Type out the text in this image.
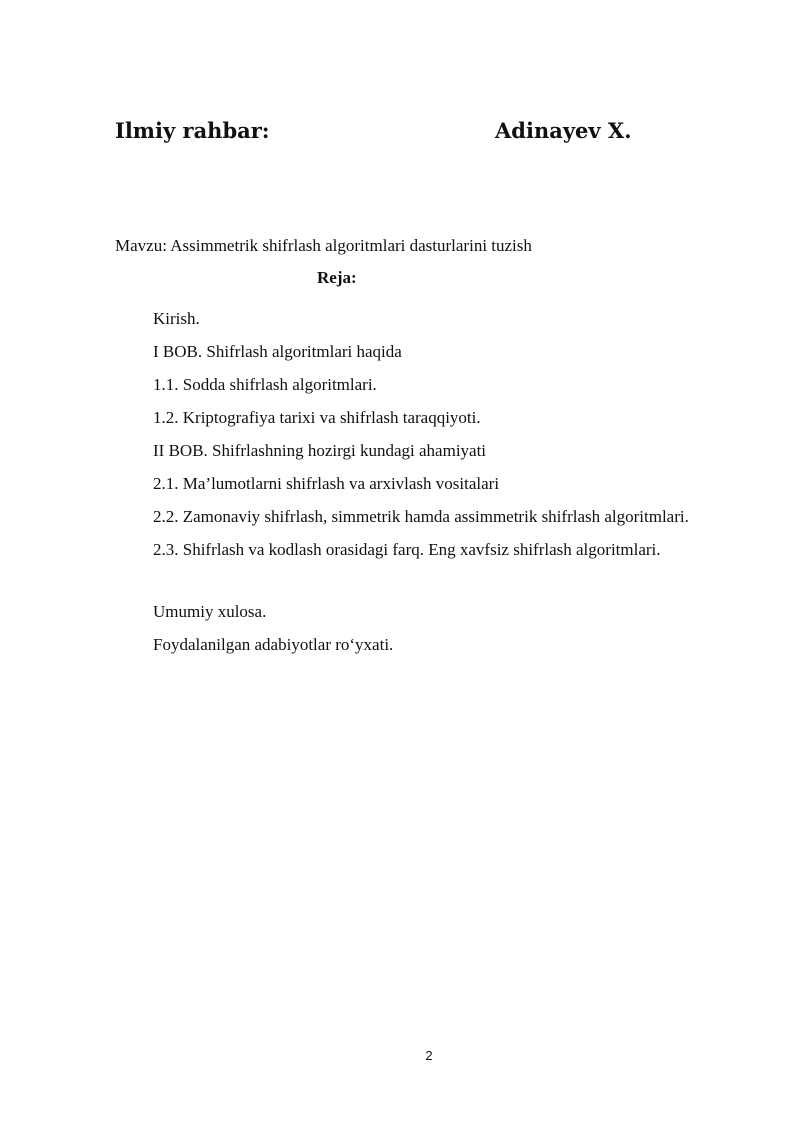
Ilmiy rahbar:	Adinayev X.
Mavzu: Assimmetrik shifrlash algoritmlari dasturlarini tuzish
Reja:
Kirish.
I BOB. Shifrlash algoritmlari haqida
1.1. Sodda shifrlash algoritmlari.
1.2. Kriptografiya tarixi va shifrlash taraqqiyoti.
II BOB. Shifrlashning hozirgi kundagi ahamiyati
2.1. Ma’lumotlarni shifrlash va arxivlash vositalari
2.2. Zamonaviy shifrlash, simmetrik hamda assimmetrik shifrlash algoritmlari.
2.3. Shifrlash va kodlash orasidagi farq. Eng xavfsiz shifrlash algoritmlari.
Umumiy xulosa.
Foydalanilgan adabiyotlar ro‘yxati.
2
